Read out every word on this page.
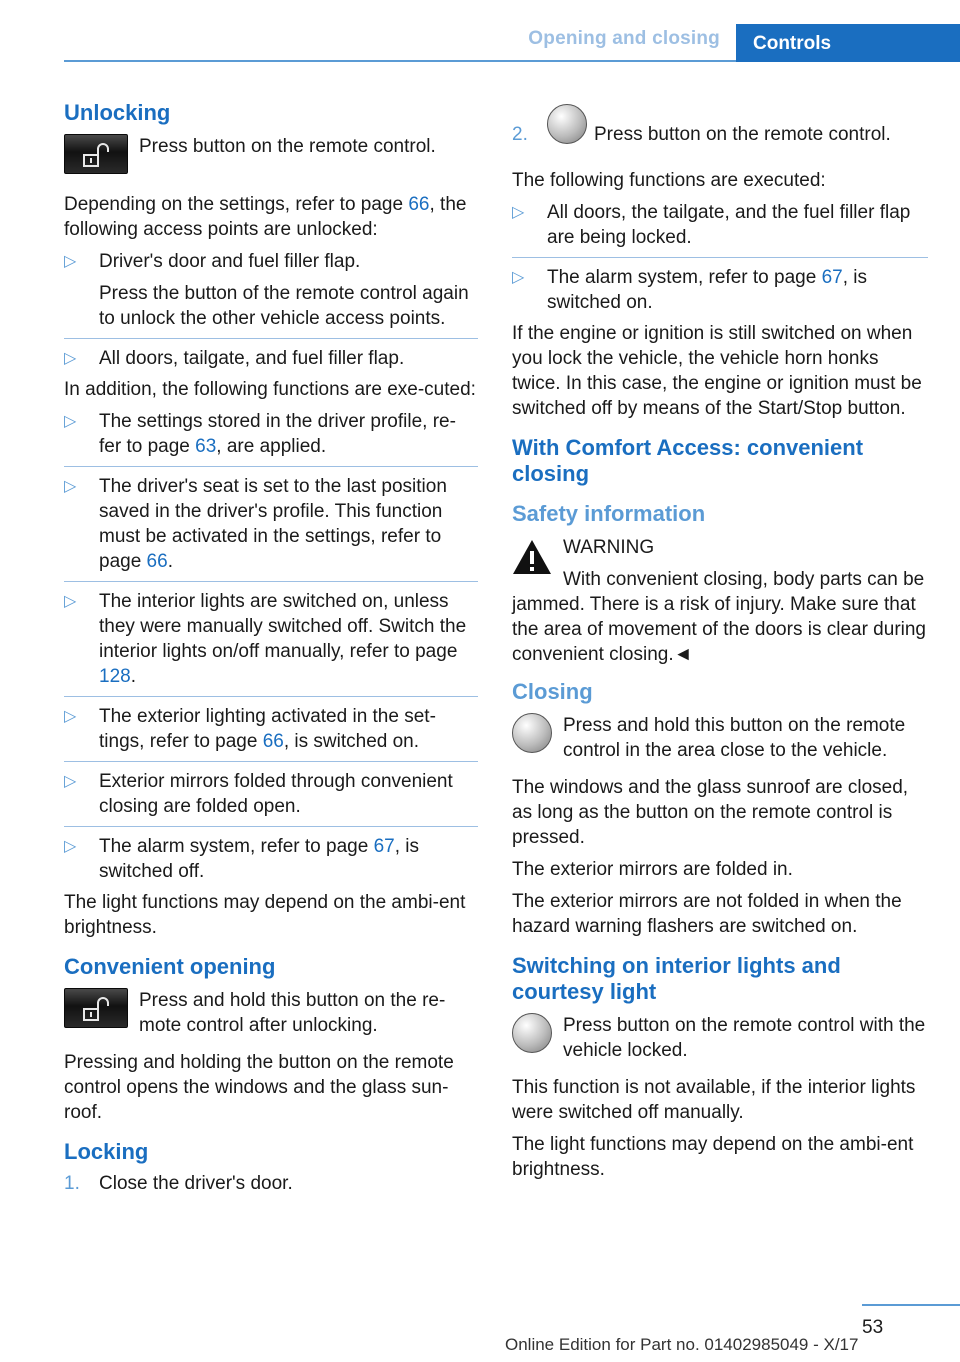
Opening and closing	Controls
Unlocking

Press button on the remote control.

Depending on the settings, refer to page 66, the following access points are unlocked:

▷ Driver's door and fuel filler flap.
Press the button of the remote control again to unlock the other vehicle access points.
▷ All doors, tailgate, and fuel filler flap.

In addition, the following functions are exe‐cuted:

▷ The settings stored in the driver profile, re‐fer to page 63, are applied.
▷ The driver's seat is set to the last position saved in the driver's profile. This function must be activated in the settings, refer to page 66.
▷ The interior lights are switched on, unless they were manually switched off. Switch the interior lights on/off manually, refer to page 128.
▷ The exterior lighting activated in the set‐tings, refer to page 66, is switched on.
▷ Exterior mirrors folded through convenient closing are folded open.
▷ The alarm system, refer to page 67, is switched off.

The light functions may depend on the ambi‐ent brightness.

Convenient opening

Press and hold this button on the re‐mote control after unlocking.

Pressing and holding the button on the remote control opens the windows and the glass sun‐roof.

Locking
1. Close the driver's door.
2.	Press button on the remote control.

The following functions are executed:

▷ All doors, the tailgate, and the fuel filler flap are being locked.
▷ The alarm system, refer to page 67, is switched on.

If the engine or ignition is still switched on when you lock the vehicle, the vehicle horn honks twice. In this case, the engine or ignition must be switched off by means of the Start/Stop button.

With Comfort Access: convenient closing
Safety information

WARNING

With convenient closing, body parts can be jammed. There is a risk of injury. Make sure that the area of movement of the doors is clear during convenient closing.◄

Closing

Press and hold this button on the remote control in the area close to the vehicle.

The windows and the glass sunroof are closed, as long as the button on the remote control is pressed.

The exterior mirrors are folded in.

The exterior mirrors are not folded in when the hazard warning flashers are switched on.

Switching on interior lights and courtesy light

Press button on the remote control with the vehicle locked.

This function is not available, if the interior lights were switched off manually.

The light functions may depend on the ambi‐ent brightness.

53
Online Edition for Part no. 01402985049 - X/17
